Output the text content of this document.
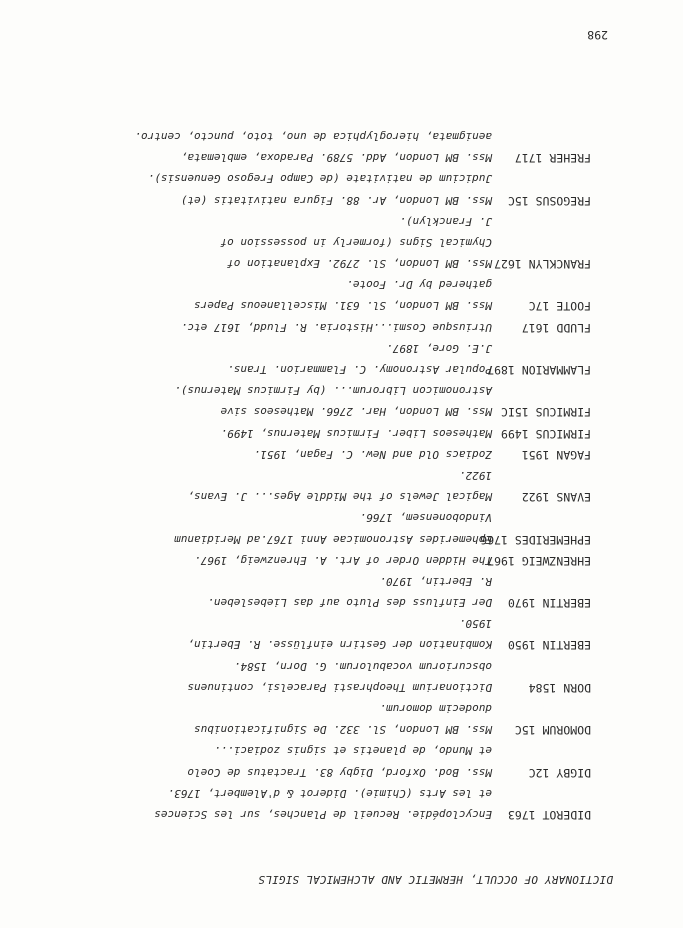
DICTIONARY OF OCCULT, HERMETIC AND ALCHEMICAL SIGILS
DIDEROT 1763
Encyclopédie. Recueil de Planches, sur les Sciences
et les Arts (Chimie). Diderot & d'Alembert, 1763.
DIGBY 12C
Mss. Bod. Oxford, Digby 83. Tractatus de Coelo
et Mundo, de planetis et signis zodiaci...
DOMORUM 15C
Mss. BM London, Sl. 332. De Significationibus
duodecim domorum.
DORN 1584
Dictionarium Theophrasti Paracelsi, continuens
obscuriorum vocabulorum. G. Dorn, 1584.
EBERTIN 1950
Kombination der Gestirn einflüsse. R. Ebertin,
1950.
EBERTIN 1970
Der Einfluss des Pluto auf das Liebesleben.
R. Ebertin, 1970.
EHRENZWEIG 1967
The Hidden Order of Art. A. Ehrenzweig, 1967.
EPHEMERIDES 1766
Ephemerides Astronomicae Anni 1767.ad Meridianum
Vindobonensem, 1766.
EVANS 1922
Magical Jewels of the Middle Ages... J. Evans,
1922.
FAGAN 1951
Zodiacs Old and New. C. Fagan, 1951.
FIRMICUS 1499
Matheseos Liber. Firmicus Maternus, 1499.
FIRMICUS 15IC
Mss. BM London, Har. 2766. Matheseos sive
Astronomicon Librorum... (by Firmicus Maternus).
FLAMMARION 1897
Popular Astronomy. C. Flammarion. Trans.
J.E. Gore, 1897.
FLUDD 1617
Utriusque Cosmi...Historia. R. Fludd, 1617 etc.
FOOTE 17C
Mss. BM London, Sl. 631. Miscellaneous Papers
gathered by Dr. Foote.
FRANCKLYN 1627
Mss. BM London, Sl. 2792. Explanation of
Chymical Signs (formerly in possession of
J. Francklyn).
FREGOSUS 15C
Mss. BM London, Ar. 88. Figura nativitatis (et)
Judicium de nativitate (de Campo Fregoso Genuensis).
FREHER 1717
Mss. BM London, Add. 5789. Paradoxa, emblemata,
aenigmata, hieroglyphica de uno, toto, puncto, centro.
298
